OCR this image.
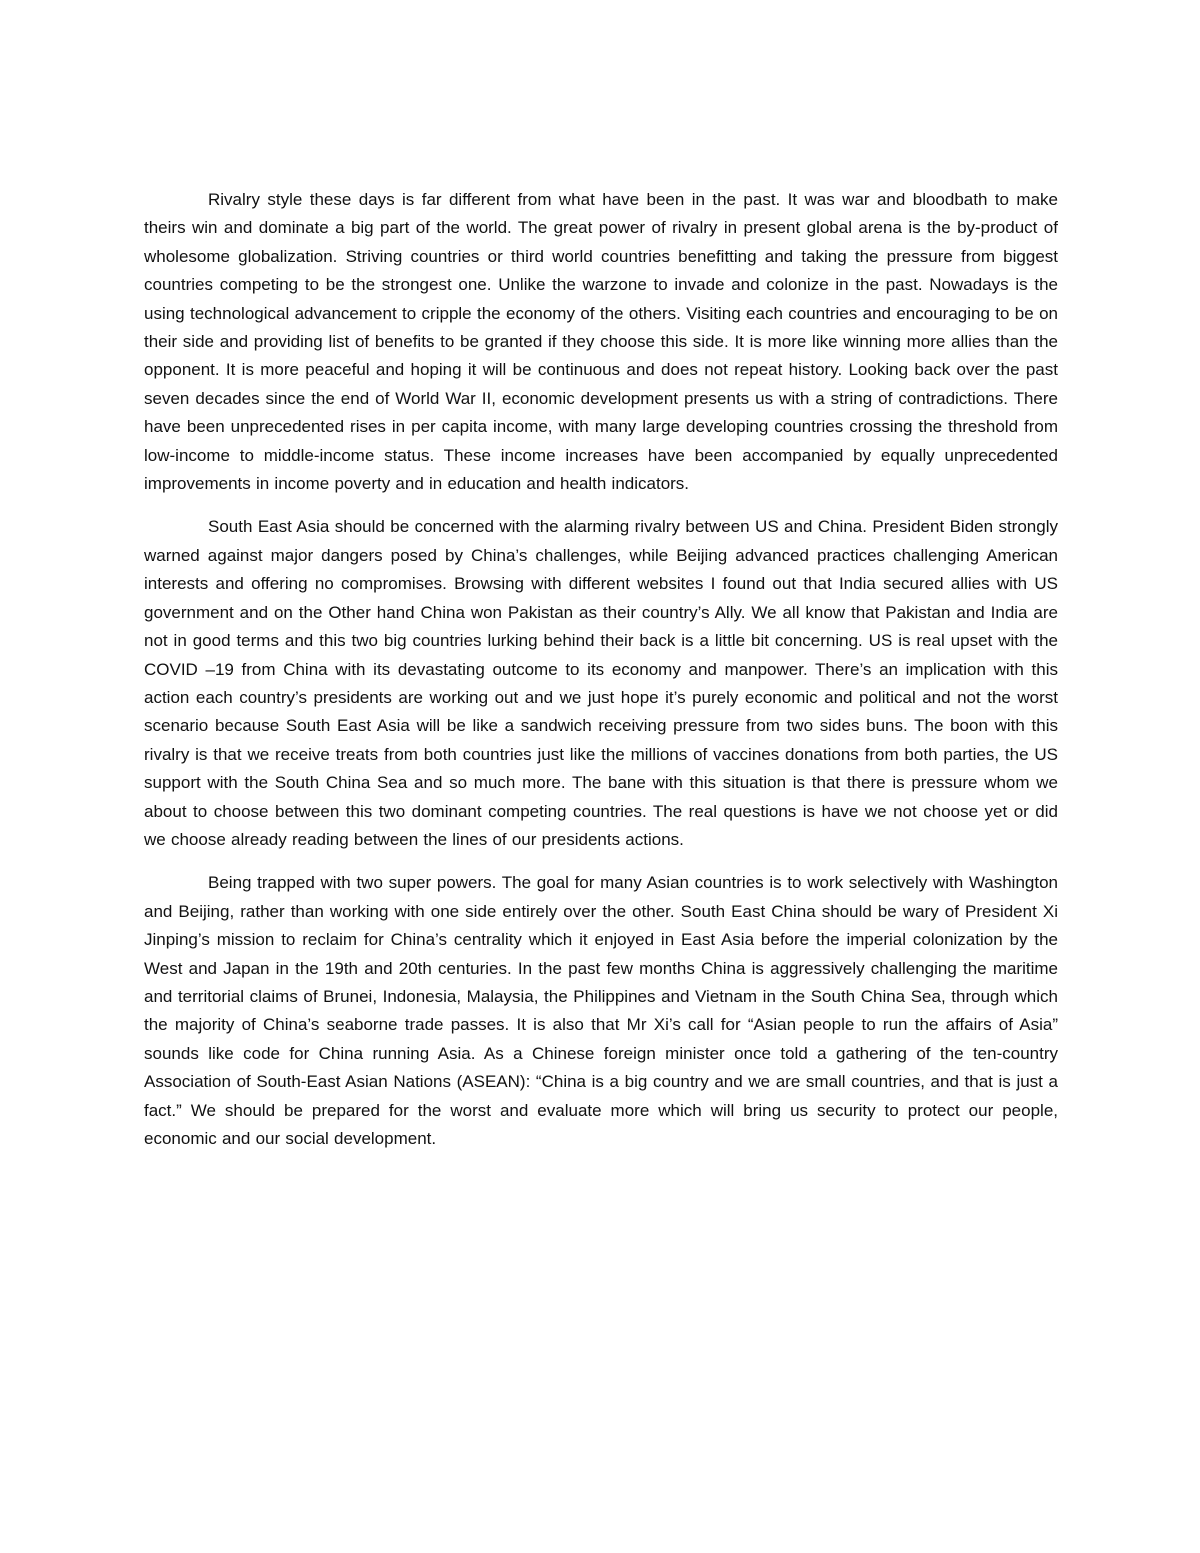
Rivalry style these days is far different from what have been in the past. It was war and bloodbath to make theirs win and dominate a big part of the world. The great power of rivalry in present global arena is the by-product of wholesome globalization. Striving countries or third world countries benefitting and taking the pressure from biggest countries competing to be the strongest one. Unlike the warzone to invade and colonize in the past. Nowadays is the using technological advancement to cripple the economy of the others. Visiting each countries and encouraging to be on their side and providing list of benefits to be granted if they choose this side. It is more like winning more allies than the opponent. It is more peaceful and hoping it will be continuous and does not repeat history. Looking back over the past seven decades since the end of World War II, economic development presents us with a string of contradictions. There have been unprecedented rises in per capita income, with many large developing countries crossing the threshold from low-income to middle-income status. These income increases have been accompanied by equally unprecedented improvements in income poverty and in education and health indicators.

South East Asia should be concerned with the alarming rivalry between US and China. President Biden strongly warned against major dangers posed by China’s challenges, while Beijing advanced practices challenging American interests and offering no compromises. Browsing with different websites I found out that India secured allies with US government and on the Other hand China won Pakistan as their country’s Ally. We all know that Pakistan and India are not in good terms and this two big countries lurking behind their back is a little bit concerning. US is real upset with the COVID –19 from China with its devastating outcome to its economy and manpower. There’s an implication with this action each country’s presidents are working out and we just hope it’s purely economic and political and not the worst scenario because South East Asia will be like a sandwich receiving pressure from two sides buns. The boon with this rivalry is that we receive treats from both countries just like the millions of vaccines donations from both parties, the US support with the South China Sea and so much more. The bane with this situation is that there is pressure whom we about to choose between this two dominant competing countries. The real questions is have we not choose yet or did we choose already reading between the lines of our presidents actions.

Being trapped with two super powers. The goal for many Asian countries is to work selectively with Washington and Beijing, rather than working with one side entirely over the other. South East China should be wary of President Xi Jinping’s mission to reclaim for China’s centrality which it enjoyed in East Asia before the imperial colonization by the West and Japan in the 19th and 20th centuries. In the past few months China is aggressively challenging the maritime and territorial claims of Brunei, Indonesia, Malaysia, the Philippines and Vietnam in the South China Sea, through which the majority of China’s seaborne trade passes. It is also that Mr Xi’s call for “Asian people to run the affairs of Asia” sounds like code for China running Asia. As a Chinese foreign minister once told a gathering of the ten-country Association of South-East Asian Nations (ASEAN): “China is a big country and we are small countries, and that is just a fact.” We should be prepared for the worst and evaluate more which will bring us security to protect our people, economic and our social development.
